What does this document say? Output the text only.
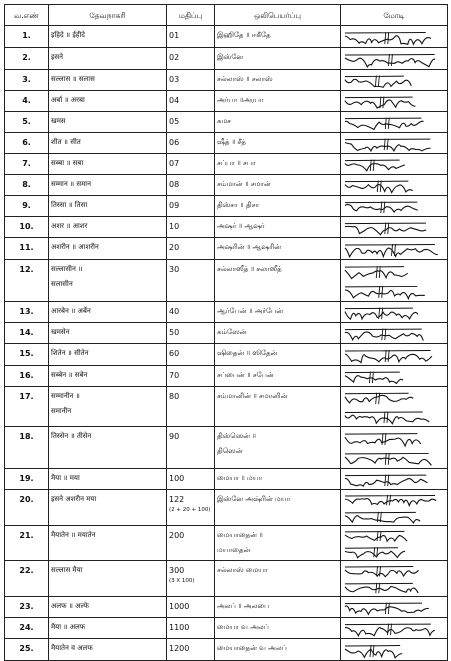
வ.எண்	தேவநாகரி	மதிப்பு	ஒலிபெயர்ப்பு	மோடி
1.	इहिदे ॥ ईहीदे	01	இஹிதே ॥ ஈகீதே	

2.	इसने	02	இஸ்னே	

3.	सल्लास ॥ सलास	03	சல்லாஸ் ॥ சலாஸ்	

4.	अर्बा ॥ अरबा	04	அர்பா ॥அரபா	

5.	खमस	05	கமச	

6.	शीत ॥ सीत	06	ஷீத் ॥ சீத்	

7.	सब्बा ॥ सबा	07	சப்பா ॥ சபா	

8.	सम्मान ॥ समान	08	சம்மான் ॥ சமான்	

9.	तिस्सा ॥ तिसा	09	திஸ்சா ॥ திசா	

10.	अशर ॥ आशर	10	அஷர் ॥ ஆஷர்	

11.	अशरीन ॥ आशरीन	20	அஷரின் ॥ ஆஷரின்	

12.	सल्लासीन ॥
सलासीन	30	சல்லாஸீத் ॥ சலாஸீத்	

13.	आरबेन ॥ अर्बेन	40	ஆர்பேன் ॥ அர்பேன்	

14.	खमसेन	50	கம்ஸேன்	

15.	शितेन ॥ सीतेन	60	ஷிதைன் ॥ ஸிதேன்	

16.	सब्बेन ॥ सबेन	70	சப்பைன் ॥ சபேன்	

17.	सम्मानीन ॥
समानीन	80	சம்மானின் ॥ சமானின்	

18.	तिस्सेन ॥ तीसेन	90	திஸ்ஸென் ॥
திஸென்

19.	मैया ॥ मया	100	மையா ॥ மயா	

20.	इसने अशरीन मया	122
(2 + 20 + 100)	இஸ்னே அஷ்ரின் மயா	

21.	मैयातेन ॥ मयातेन	200	மையாதைன் ॥
மயாதைன்

22.	सल्लास मैया	300
(3 X 100)	சல்லாஸ் மையா	

23.	अलफ ॥ अल्फे	1000	அலப் ॥ அலபை	

24.	मैया ॥ अलफ	1100	மையா வ அலப்	

25.	मैयातेन व अलफ	1200	மையாதைன் வ அலப்	
